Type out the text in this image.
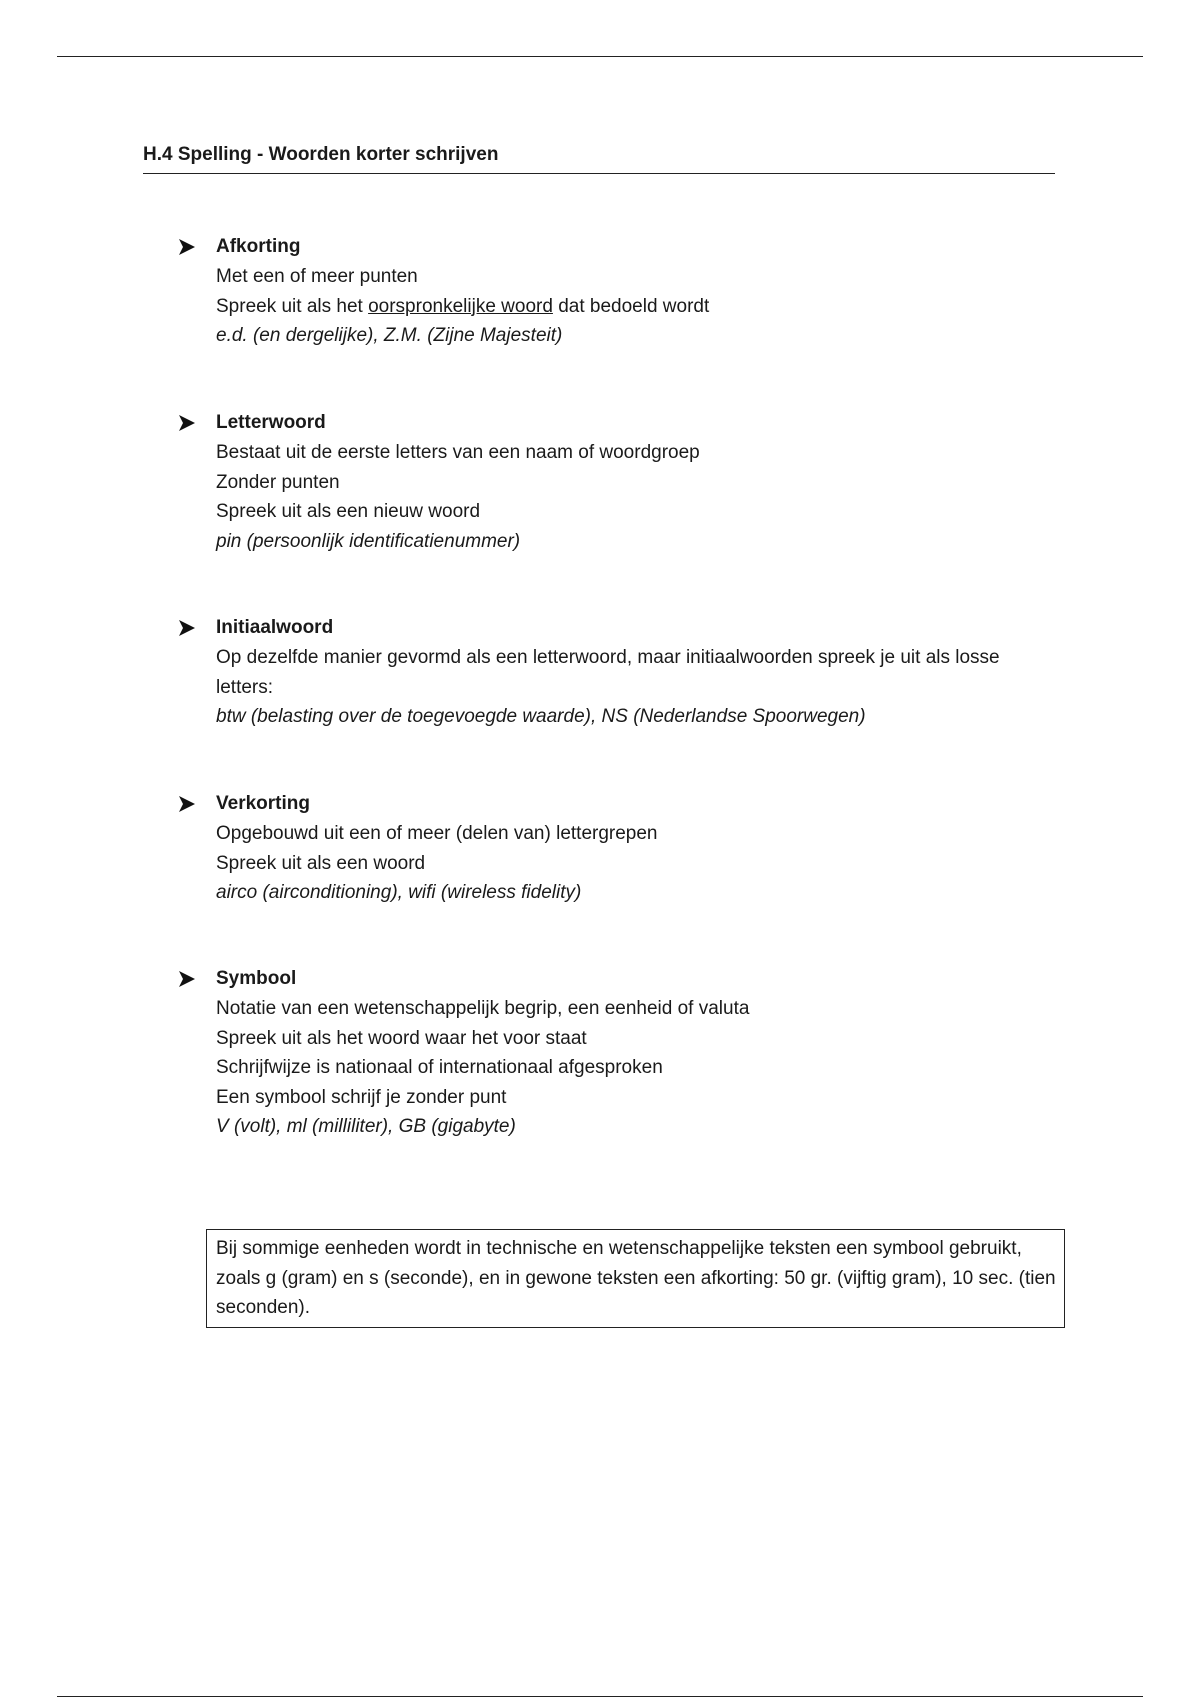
H.4 Spelling - Woorden korter schrijven
Afkorting
Met een of meer punten
Spreek uit als het oorspronkelijke woord dat bedoeld wordt
e.d. (en dergelijke), Z.M. (Zijne Majesteit)
Letterwoord
Bestaat uit de eerste letters van een naam of woordgroep
Zonder punten
Spreek uit als een nieuw woord
pin (persoonlijk identificatienummer)
Initiaalwoord
Op dezelfde manier gevormd als een letterwoord, maar initiaalwoorden spreek je uit als losse letters:
btw (belasting over de toegevoegde waarde), NS (Nederlandse Spoorwegen)
Verkorting
Opgebouwd uit een of meer (delen van) lettergrepen
Spreek uit als een woord
airco (airconditioning), wifi (wireless fidelity)
Symbool
Notatie van een wetenschappelijk begrip, een eenheid of valuta
Spreek uit als het woord waar het voor staat
Schrijfwijze is nationaal of internationaal afgesproken
Een symbool schrijf je zonder punt
V (volt), ml (milliliter), GB (gigabyte)
Bij sommige eenheden wordt in technische en wetenschappelijke teksten een symbool gebruikt, zoals g (gram) en s (seconde), en in gewone teksten een afkorting: 50 gr. (vijftig gram), 10 sec. (tien seconden).
